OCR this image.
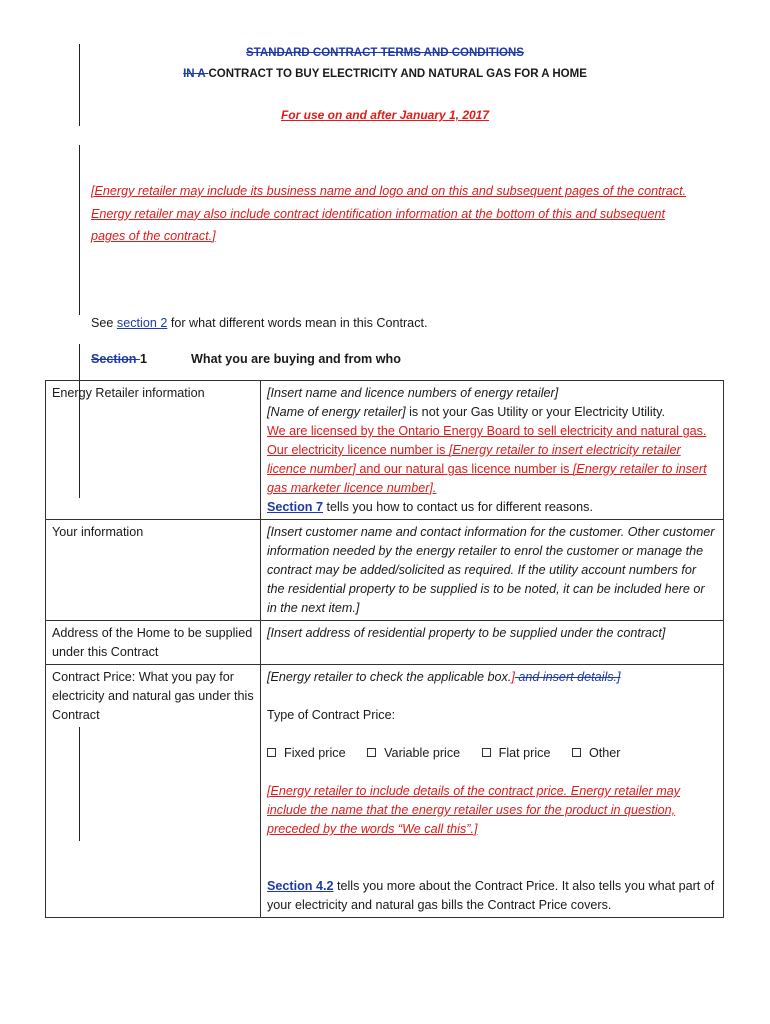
STANDARD CONTRACT TERMS AND CONDITIONS
IN A CONTRACT TO BUY ELECTRICITY AND NATURAL GAS FOR A HOME
For use on and after January 1, 2017
[Energy retailer may include its business name and logo and on this and subsequent pages of the contract. Energy retailer may also include contract identification information at the bottom of this and subsequent pages of the contract.]
See section 2 for what different words mean in this Contract.
Section 1	What you are buying and from who
Energy Retailer information	[Insert name and licence numbers of energy retailer]
[Name of energy retailer] is not your Gas Utility or your Electricity Utility.
We are licensed by the Ontario Energy Board to sell electricity and natural gas. Our electricity licence number is [Energy retailer to insert electricity retailer licence number] and our natural gas licence number is [Energy retailer to insert gas marketer licence number].
Section 7 tells you how to contact us for different reasons.

Your information	[Insert customer name and contact information for the customer. Other customer information needed by the energy retailer to enrol the customer or manage the contract may be added/solicited as required. If the utility account numbers for the residential property to be supplied is to be noted, it can be included here or in the next item.]
Address of the Home to be supplied under this Contract	[Insert address of residential property to be supplied under the contract]
Contract Price: What you pay for electricity and natural gas under this Contract	[Energy retailer to check the applicable box.] and insert details.]
Type of Contract Price:
Fixed price Variable price Flat price Other
[Energy retailer to include details of the contract price. Energy retailer may include the name that the energy retailer uses for the product in question, preceded by the words “We call this”.]
Section 4.2 tells you more about the Contract Price. It also tells you what part of your electricity and natural gas bills the Contract Price covers.
